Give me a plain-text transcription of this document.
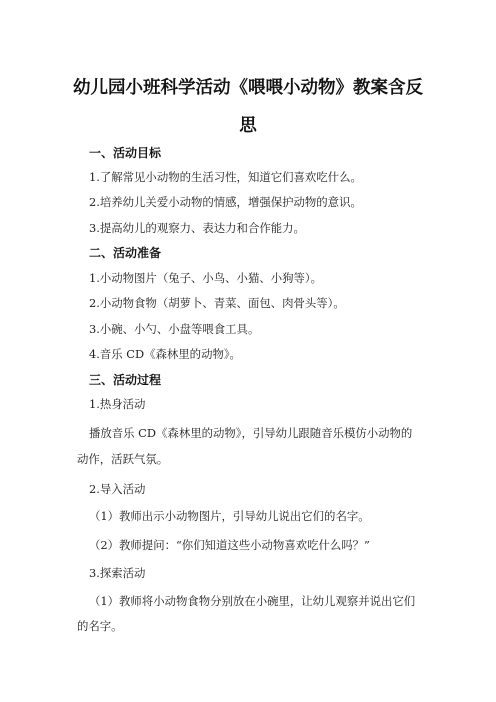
幼儿园小班科学活动《喂喂小动物》教案含反
思
一、活动目标
1.了解常见小动物的生活习性，知道它们喜欢吃什么。
2.培养幼儿关爱小动物的情感，增强保护动物的意识。
3.提高幼儿的观察力、表达力和合作能力。
二、活动准备
1.小动物图片（兔子、小鸟、小猫、小狗等）。
2.小动物食物（胡萝卜、青菜、面包、肉骨头等）。
3.小碗、小勺、小盘等喂食工具。
4.音乐 CD《森林里的动物》。
三、活动过程
1.热身活动
播放音乐 CD《森林里的动物》，引导幼儿跟随音乐模仿小动物的
动作，活跃气氛。
2.导入活动
（1）教师出示小动物图片，引导幼儿说出它们的名字。
（2）教师提问：“你们知道这些小动物喜欢吃什么吗？”
3.探索活动
（1）教师将小动物食物分别放在小碗里，让幼儿观察并说出它们
的名字。
